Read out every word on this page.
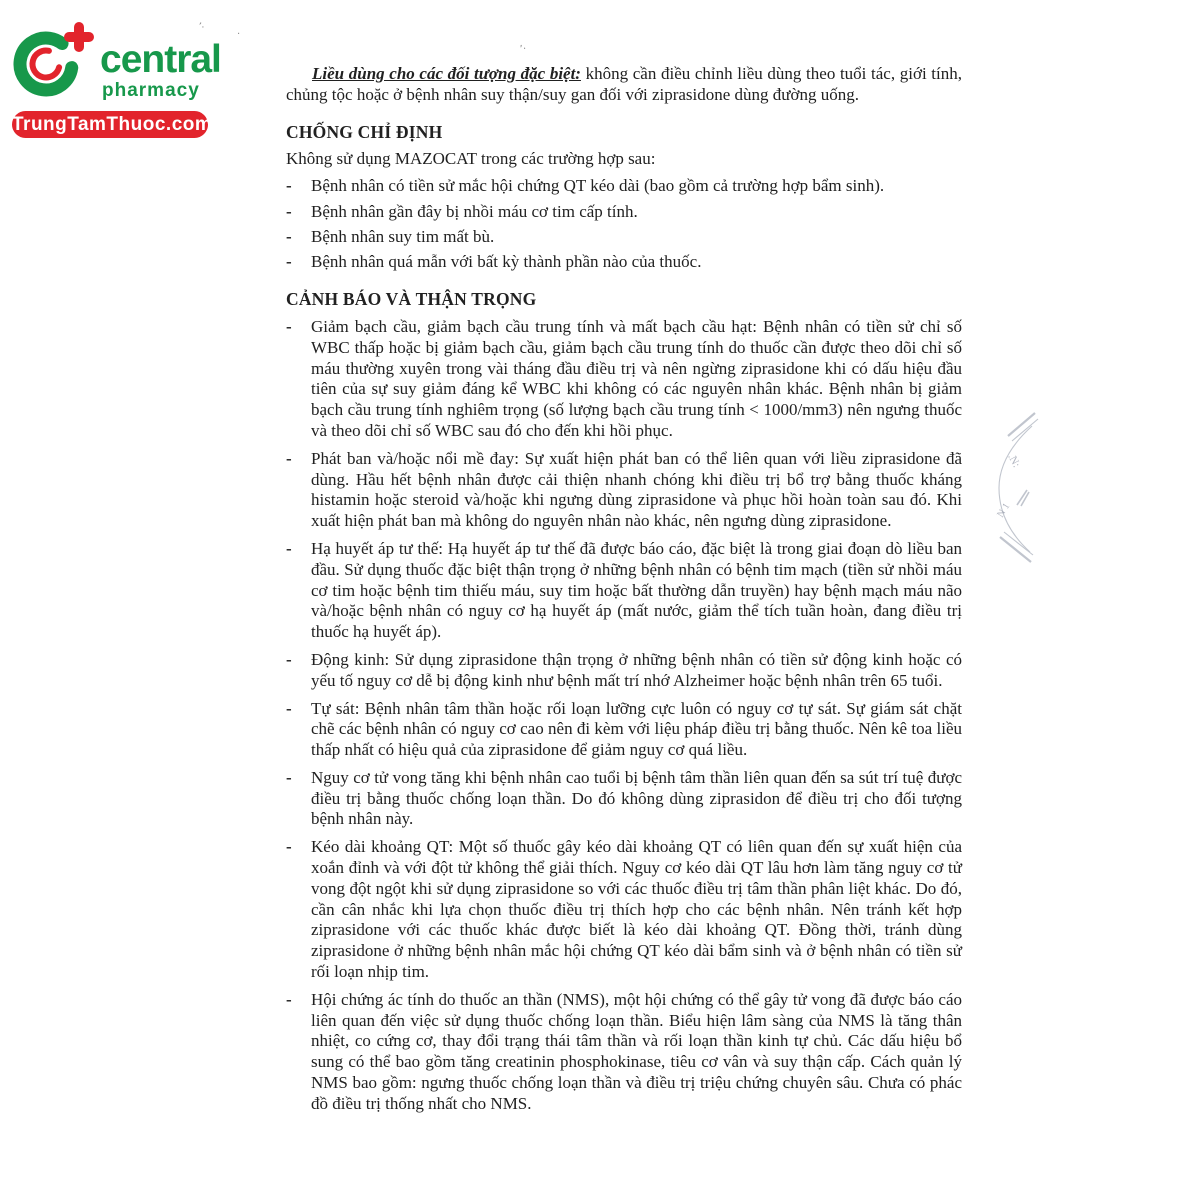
central
pharmacy
TrungTamThuoc.com

Liều dùng cho các đối tượng đặc biệt: không cần điều chỉnh liều dùng theo tuổi tác, giới tính, chủng tộc hoặc ở bệnh nhân suy thận/suy gan đối với ziprasidone dùng đường uống.

CHỐNG CHỈ ĐỊNH

Không sử dụng MAZOCAT trong các trường hợp sau:

-	Bệnh nhân có tiền sử mắc hội chứng QT kéo dài (bao gồm cả trường hợp bẩm sinh).
-	Bệnh nhân gần đây bị nhồi máu cơ tim cấp tính.
-	Bệnh nhân suy tim mất bù.
-	Bệnh nhân quá mẫn với bất kỳ thành phần nào của thuốc.
CẢNH BÁO VÀ THẬN TRỌNG
-	Giảm bạch cầu, giảm bạch cầu trung tính và mất bạch cầu hạt: Bệnh nhân có tiền sử chỉ số WBC thấp hoặc bị giảm bạch cầu, giảm bạch cầu trung tính do thuốc cần được theo dõi chỉ số máu thường xuyên trong vài tháng đầu điều trị và nên ngừng ziprasidone khi có dấu hiệu đầu tiên của sự suy giảm đáng kể WBC khi không có các nguyên nhân khác. Bệnh nhân bị giảm bạch cầu trung tính nghiêm trọng (số lượng bạch cầu trung tính < 1000/mm3) nên ngưng thuốc và theo dõi chỉ số WBC sau đó cho đến khi hồi phục.
-	Phát ban và/hoặc nổi mề đay: Sự xuất hiện phát ban có thể liên quan với liều ziprasidone đã dùng. Hầu hết bệnh nhân được cải thiện nhanh chóng khi điều trị bổ trợ bằng thuốc kháng histamin hoặc steroid và/hoặc khi ngưng dùng ziprasidone và phục hồi hoàn toàn sau đó. Khi xuất hiện phát ban mà không do nguyên nhân nào khác, nên ngưng dùng ziprasidone.
-	Hạ huyết áp tư thế: Hạ huyết áp tư thế đã được báo cáo, đặc biệt là trong giai đoạn dò liều ban đầu. Sử dụng thuốc đặc biệt thận trọng ở những bệnh nhân có bệnh tim mạch (tiền sử nhồi máu cơ tim hoặc bệnh tim thiếu máu, suy tim hoặc bất thường dẫn truyền) hay bệnh mạch máu não và/hoặc bệnh nhân có nguy cơ hạ huyết áp (mất nước, giảm thể tích tuần hoàn, đang điều trị thuốc hạ huyết áp).
-	Động kinh: Sử dụng ziprasidone thận trọng ở những bệnh nhân có tiền sử động kinh hoặc có yếu tố nguy cơ dễ bị động kinh như bệnh mất trí nhớ Alzheimer hoặc bệnh nhân trên 65 tuổi.
-	Tự sát: Bệnh nhân tâm thần hoặc rối loạn lưỡng cực luôn có nguy cơ tự sát. Sự giám sát chặt chẽ các bệnh nhân có nguy cơ cao nên đi kèm với liệu pháp điều trị bằng thuốc. Nên kê toa liều thấp nhất có hiệu quả của ziprasidone để giảm nguy cơ quá liều.
-	Nguy cơ tử vong tăng khi bệnh nhân cao tuổi bị bệnh tâm thần liên quan đến sa sút trí tuệ được điều trị bằng thuốc chống loạn thần. Do đó không dùng ziprasidon để điều trị cho đối tượng bệnh nhân này.
-	Kéo dài khoảng QT: Một số thuốc gây kéo dài khoảng QT có liên quan đến sự xuất hiện của xoắn đỉnh và với đột tử không thể giải thích. Nguy cơ kéo dài QT lâu hơn làm tăng nguy cơ tử vong đột ngột khi sử dụng ziprasidone so với các thuốc điều trị tâm thần phân liệt khác. Do đó, cần cân nhắc khi lựa chọn thuốc điều trị thích hợp cho các bệnh nhân. Nên tránh kết hợp ziprasidone với các thuốc khác được biết là kéo dài khoảng QT. Đồng thời, tránh dùng ziprasidone ở những bệnh nhân mắc hội chứng QT kéo dài bẩm sinh và ở bệnh nhân có tiền sử rối loạn nhịp tim.
-	Hội chứng ác tính do thuốc an thần (NMS), một hội chứng có thể gây tử vong đã được báo cáo liên quan đến việc sử dụng thuốc chống loạn thần. Biểu hiện lâm sàng của NMS là tăng thân nhiệt, co cứng cơ, thay đổi trạng thái tâm thần và rối loạn thần kinh tự chủ. Các dấu hiệu bổ sung có thể bao gồm tăng creatinin phosphokinase, tiêu cơ vân và suy thận cấp. Cách quản lý NMS bao gồm: ngưng thuốc chống loạn thần và điều trị triệu chứng chuyên sâu. Chưa có phác đồ điều trị thống nhất cho NMS.
.N:
N 1
’·
·
ʼ·
